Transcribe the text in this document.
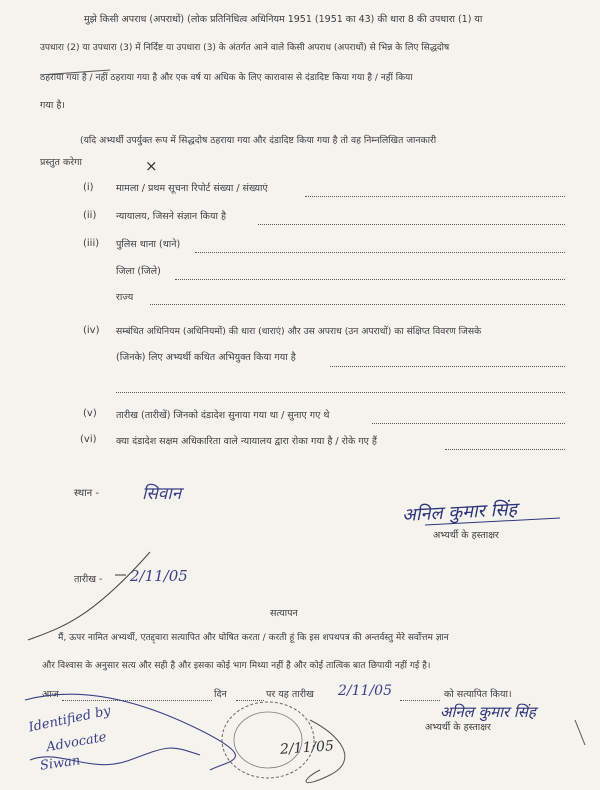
मुझे किसी अपराध (अपराधों) (लोक प्रतिनिधित्व अधिनियम 1951 (1951 का 43) की धारा 8 की उपधारा (1) या
उपधारा (2) या उपधारा (3) में निर्दिष्ट या उपधारा (3) के अंतर्गत आने वाले किसी अपराध (अपराधों) से भिन्न के लिए सिद्धदोष
ठहराया गया है / नहीं ठहराया गया है और एक वर्ष या अधिक के लिए कारावास से दंडादिष्ट किया गया है / नहीं किया
गया है।
(यदि अभ्यर्थी उपर्युक्त रूप में सिद्धदोष ठहराया गया और दंडादिष्ट किया गया है तो वह निम्नलिखित जानकारी
प्रस्तुत करेगा	×
(i) मामला / प्रथम सूचना रिपोर्ट संख्या / संख्याएं
(ii) न्यायालय, जिसने संज्ञान किया है
(iii) पुलिस थाना (थाने)
जिला (जिले)
राज्य
(iv) सम्बंधित अधिनियम (अधिनियमों) की धारा (धाराएं) और उस अपराध (उन अपराधों) का संक्षिप्त विवरण जिसके
(जिनके) लिए अभ्यर्थी कथित अभियुक्त किया गया है
(v) तारीख (तारीखें) जिनको दंडादेश सुनाया गया था / सुनाए गए थे
(vi) क्या दंडादेश सक्षम अधिकारिता वाले न्यायालय द्वारा रोका गया है / रोके गए हैं
स्थान -	सिवान
अनिल कुमार सिंह
अभ्यर्थी के हस्ताक्षर
तारीख - 2/11/05
सत्यापन
मैं, ऊपर नामित अभ्यर्थी, एतद्द्वारा सत्यापित और घोषित करता / करती हूं कि इस शपथपत्र की अन्तर्वस्तु मेरे सर्वोत्तम ज्ञान
और विश्वास के अनुसार सत्य और सही है और इसका कोई भाग मिथ्या नहीं है और कोई तात्विक बात छिपायी नहीं गई है।
आज	दिन	पर यह तारीख 2/11/05	को सत्यापित किया।
अनिल कुमार सिंह
अभ्यर्थी के हस्ताक्षर
Identified by
Advocate
Siwan
2/11/05
